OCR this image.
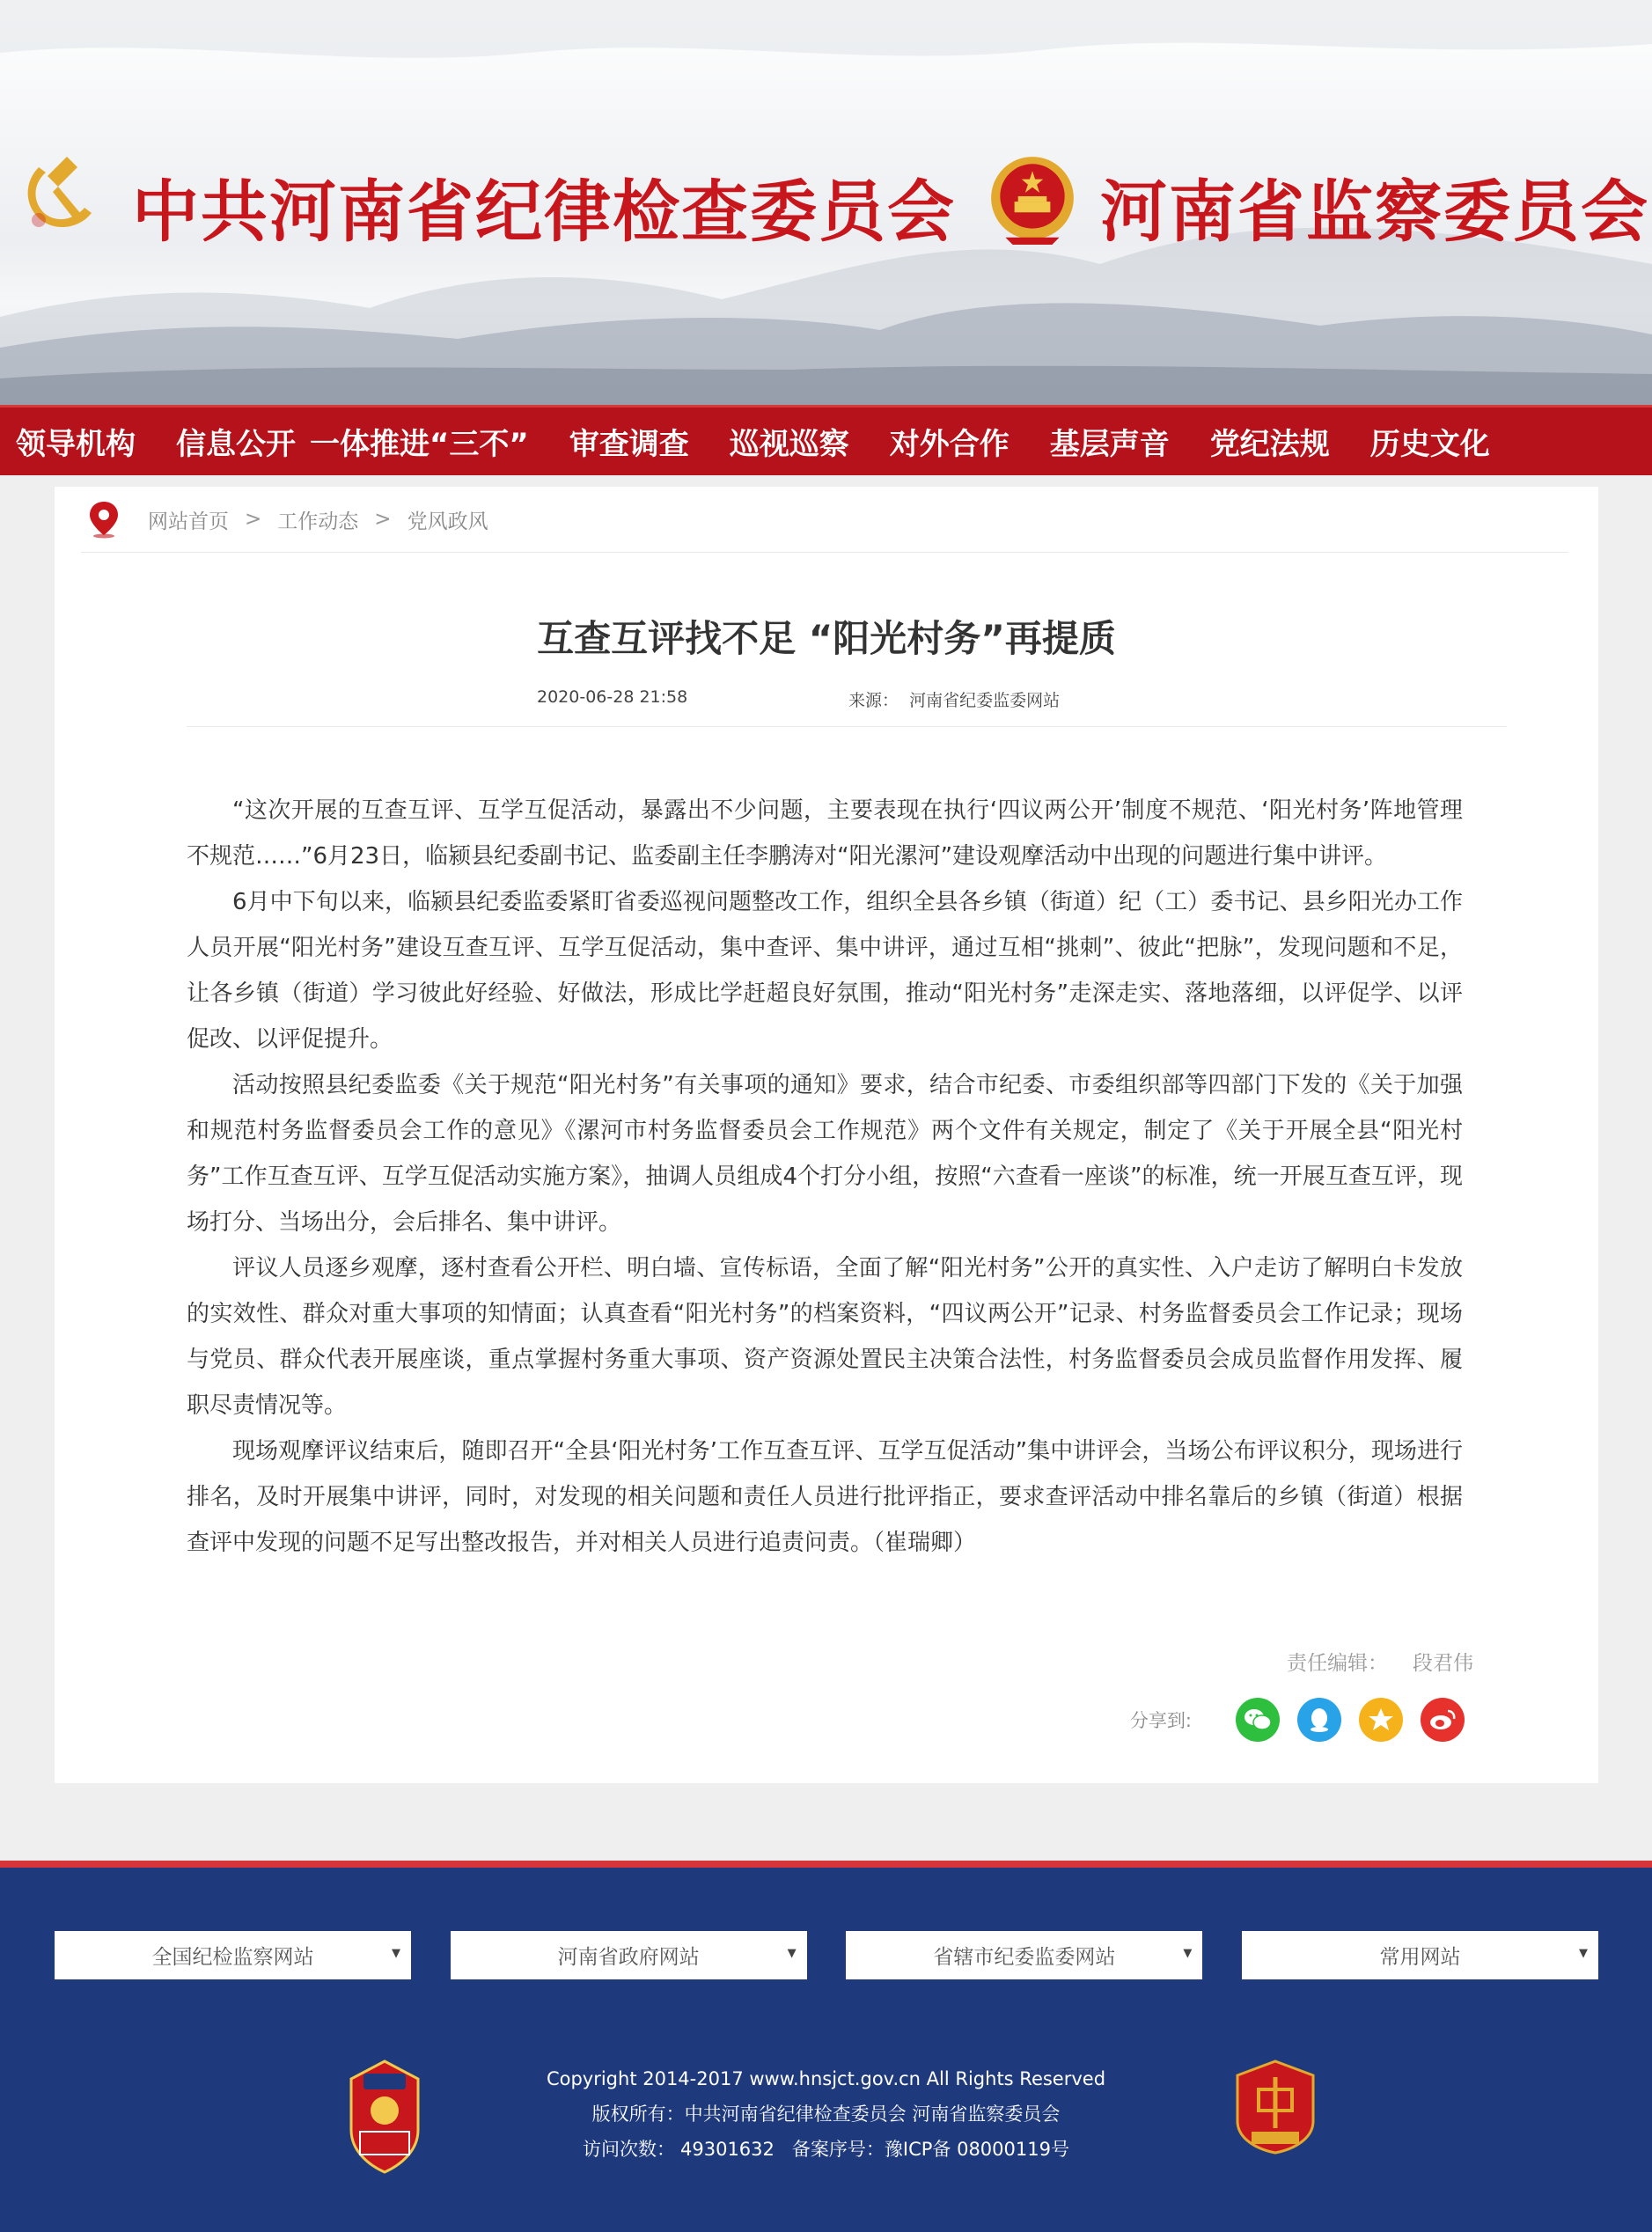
中共河南省纪律检查委员会 河南省监察委员会
领导机构 信息公开 一体推进“三不” 审查调查 巡视巡察 对外合作 基层声音 党纪法规 历史文化
网站首页 > 工作动态 > 党风政风
互查互评找不足 “阳光村务”再提质
2020-06-28 21:58	来源： 河南省纪委监委网站

“这次开展的互查互评、互学互促活动，暴露出不少问题，主要表现在执行‘四议两公开’制度不规范、‘阳光村务’阵地管理不规范……”6月23日，临颍县纪委副书记、监委副主任李鹏涛对“阳光漯河”建设观摩活动中出现的问题进行集中讲评。

6月中下旬以来，临颍县纪委监委紧盯省委巡视问题整改工作，组织全县各乡镇（街道）纪（工）委书记、县乡阳光办工作人员开展“阳光村务”建设互查互评、互学互促活动，集中查评、集中讲评，通过互相“挑刺”、彼此“把脉”，发现问题和不足，让各乡镇（街道）学习彼此好经验、好做法，形成比学赶超良好氛围，推动“阳光村务”走深走实、落地落细，以评促学、以评促改、以评促提升。

活动按照县纪委监委《关于规范“阳光村务”有关事项的通知》要求，结合市纪委、市委组织部等四部门下发的《关于加强和规范村务监督委员会工作的意见》《漯河市村务监督委员会工作规范》两个文件有关规定，制定了《关于开展全县“阳光村务”工作互查互评、互学互促活动实施方案》，抽调人员组成4个打分小组，按照“六查看一座谈”的标准，统一开展互查互评，现场打分、当场出分，会后排名、集中讲评。

评议人员逐乡观摩，逐村查看公开栏、明白墙、宣传标语，全面了解“阳光村务”公开的真实性、入户走访了解明白卡发放的实效性、群众对重大事项的知情面；认真查看“阳光村务”的档案资料，“四议两公开”记录、村务监督委员会工作记录；现场与党员、群众代表开展座谈，重点掌握村务重大事项、资产资源处置民主决策合法性，村务监督委员会成员监督作用发挥、履职尽责情况等。

现场观摩评议结束后，随即召开“全县‘阳光村务’工作互查互评、互学互促活动”集中讲评会，当场公布评议积分，现场进行排名，及时开展集中讲评，同时，对发现的相关问题和责任人员进行批评指正，要求查评活动中排名靠后的乡镇（街道）根据查评中发现的问题不足写出整改报告，并对相关人员进行追责问责。（崔瑞卿）

责任编辑： 段君伟
分享到:
全国纪检监察网站	▼	河南省政府网站	▼	省辖市纪委监委网站	▼	常用网站	▼
Copyright 2014-2017 www.hnsjct.gov.cn All Rights Reserved
版权所有：中共河南省纪律检查委员会 河南省监察委员会
访问次数： 49301632 备案序号：豫ICP备 08000119号
